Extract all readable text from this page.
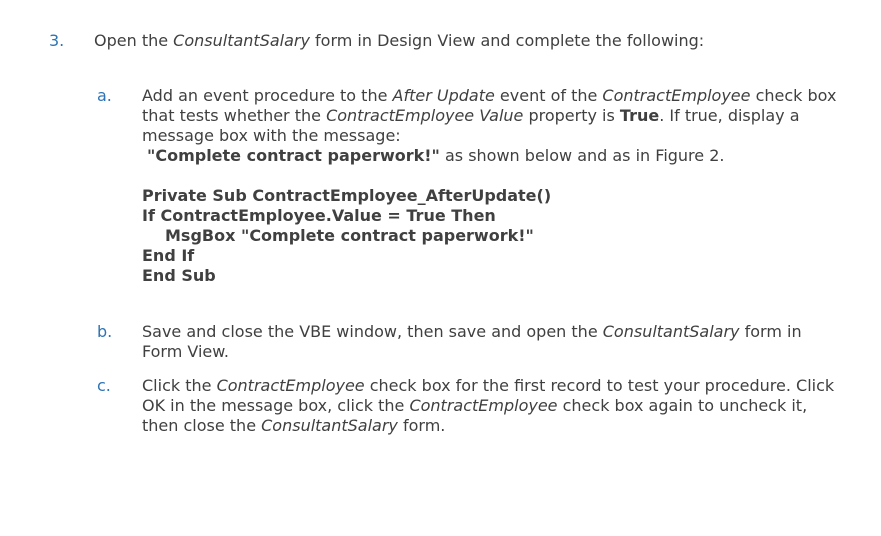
3. Open the ConsultantSalary form in Design View and complete the following:
a. Add an event procedure to the After Update event of the ContractEmployee check box that tests whether the ContractEmployee Value property is True. If true, display a message box with the message:
"Complete contract paperwork!" as shown below and as in Figure 2.
Private Sub ContractEmployee_AfterUpdate()
If ContractEmployee.Value = True Then
MsgBox "Complete contract paperwork!"
End If
End Sub
b. Save and close the VBE window, then save and open the ConsultantSalary form in Form View.
c. Click the ContractEmployee check box for the first record to test your procedure. Click OK in the message box, click the ContractEmployee check box again to uncheck it, then close the ConsultantSalary form.
